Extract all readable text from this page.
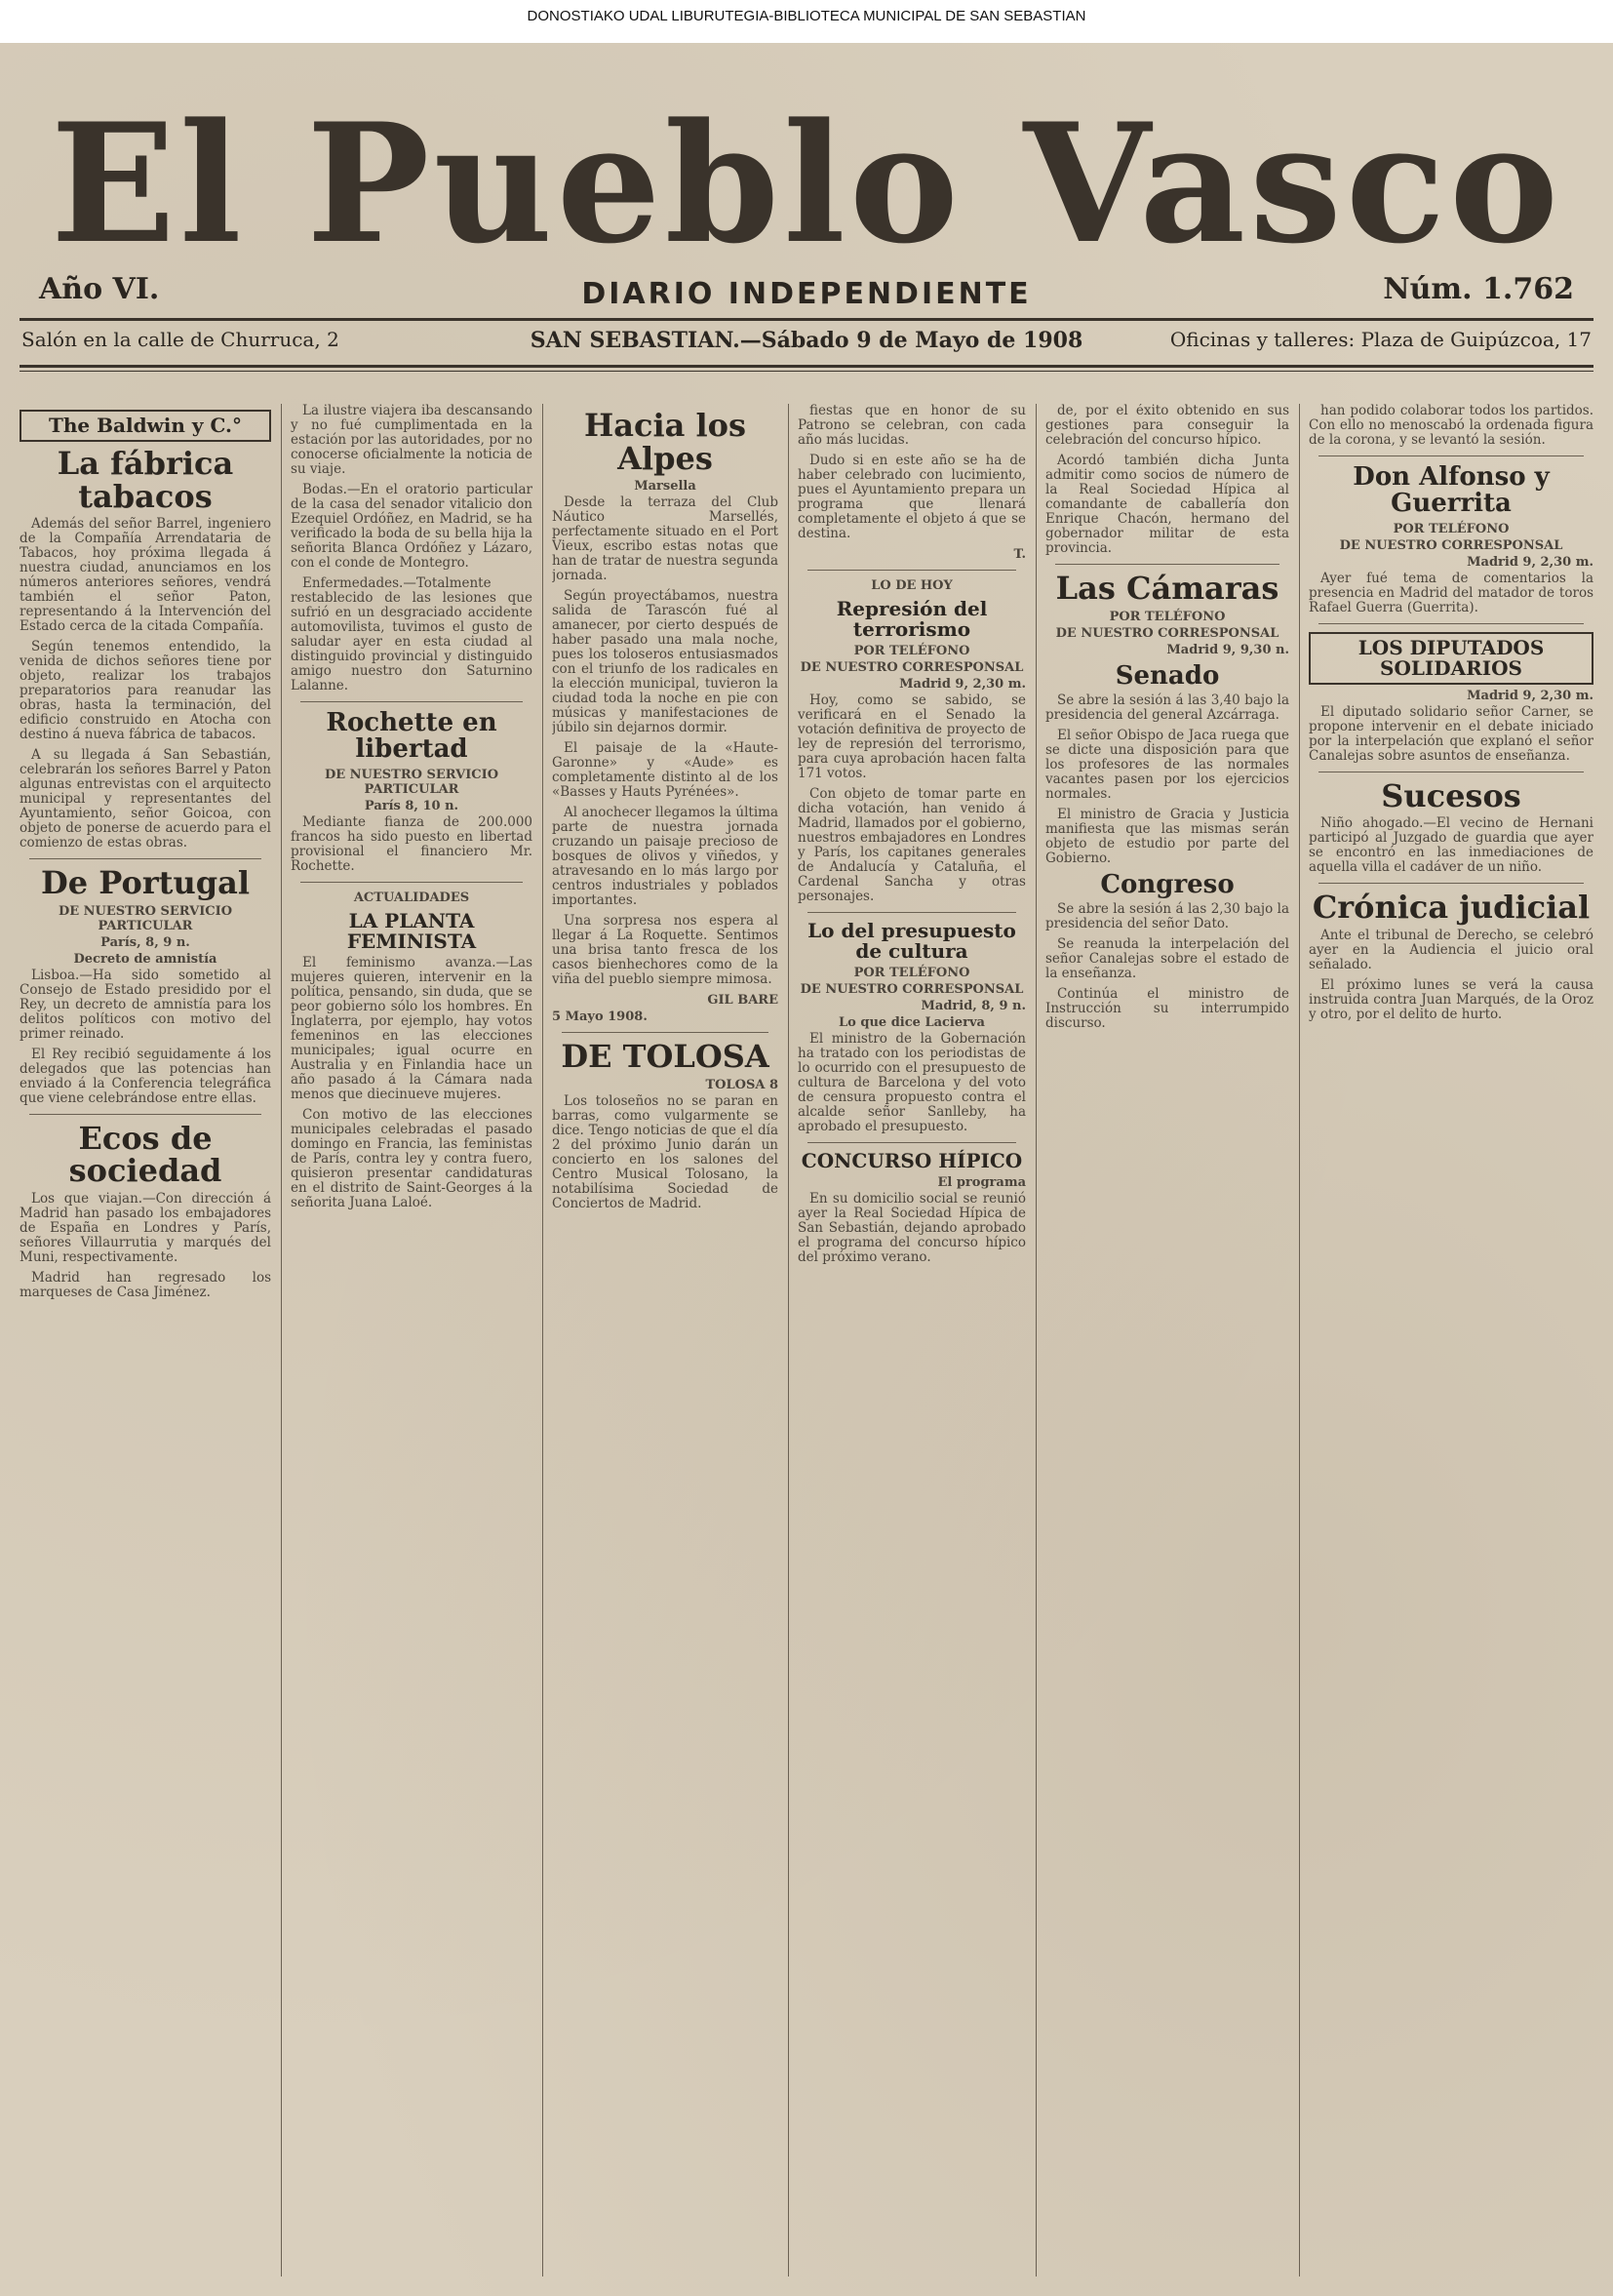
DONOSTIAKO UDAL LIBURUTEGIA-BIBLIOTECA MUNICIPAL DE SAN SEBASTIAN
El Pueblo Vasco
Año VI.	DIARIO INDEPENDIENTE	Núm. 1.762
Salón en la calle de Churruca, 2	SAN SEBASTIAN.—Sábado 9 de Mayo de 1908	Oficinas y talleres: Plaza de Guipúzcoa, 17
The Baldwin y C.°
La fábrica tabacos

Además del señor Barrel, ingeniero de la Compañía Arrendataria de Tabacos, hoy próxima llegada á nuestra ciudad, anunciamos en los números anteriores señores, vendrá también el señor Paton, representando á la Intervención del Estado cerca de la citada Compañía.

Según tenemos entendido, la venida de dichos señores tiene por objeto, realizar los trabajos preparatorios para reanudar las obras, hasta la terminación, del edificio construido en Atocha con destino á nueva fábrica de tabacos.

A su llegada á San Sebastián, celebrarán los señores Barrel y Paton algunas entrevistas con el arquitecto municipal y representantes del Ayuntamiento, señor Goicoa, con objeto de ponerse de acuerdo para el comienzo de estas obras.

De Portugal
DE NUESTRO SERVICIO PARTICULAR
París, 8, 9 n.
Decreto de amnistía

Lisboa.—Ha sido sometido al Consejo de Estado presidido por el Rey, un decreto de amnistía para los delitos políticos con motivo del primer reinado.

El Rey recibió seguidamente á los delegados que las potencias han enviado á la Conferencia telegráfica que viene celebrándose entre ellas.

Ecos de sociedad

Los que viajan.—Con dirección á Madrid han pasado los embajadores de España en Londres y París, señores Villaurrutia y marqués del Muni, respectivamente.

Madrid han regresado los marqueses de Casa Jiménez.

La ilustre viajera iba descansando y no fué cumplimentada en la estación por las autoridades, por no conocerse oficialmente la noticia de su viaje.

Bodas.—En el oratorio particular de la casa del senador vitalicio don Ezequiel Ordóñez, en Madrid, se ha verificado la boda de su bella hija la señorita Blanca Ordóñez y Lázaro, con el conde de Montegro.

Enfermedades.—Totalmente restablecido de las lesiones que sufrió en un desgraciado accidente automovilista, tuvimos el gusto de saludar ayer en esta ciudad al distinguido provincial y distinguido amigo nuestro don Saturnino Lalanne.

Rochette en libertad
DE NUESTRO SERVICIO PARTICULAR
París 8, 10 n.

Mediante fianza de 200.000 francos ha sido puesto en libertad provisional el financiero Mr. Rochette.

ACTUALIDADES
LA PLANTA FEMINISTA

El feminismo avanza.—Las mujeres quieren, intervenir en la política, pensando, sin duda, que se peor gobierno sólo los hombres. En Inglaterra, por ejemplo, hay votos femeninos en las elecciones municipales; igual ocurre en Australia y en Finlandia hace un año pasado á la Cámara nada menos que diecinueve mujeres.

Con motivo de las elecciones municipales celebradas el pasado domingo en Francia, las feministas de París, contra ley y contra fuero, quisieron presentar candidaturas en el distrito de Saint-Georges á la señorita Juana Laloé.

Hacia los Alpes
Marsella

Desde la terraza del Club Náutico Marsellés, perfectamente situado en el Port Vieux, escribo estas notas que han de tratar de nuestra segunda jornada.

Según proyectábamos, nuestra salida de Tarascón fué al amanecer, por cierto después de haber pasado una mala noche, pues los toloseros entusiasmados con el triunfo de los radicales en la elección municipal, tuvieron la ciudad toda la noche en pie con músicas y manifestaciones de júbilo sin dejarnos dormir.

El paisaje de la «Haute-Garonne» y «Aude» es completamente distinto al de los «Basses y Hauts Pyrénées».

Al anochecer llegamos la última parte de nuestra jornada cruzando un paisaje precioso de bosques de olivos y viñedos, y atravesando en lo más largo por centros industriales y poblados importantes.

Una sorpresa nos espera al llegar á La Roquette. Sentimos una brisa tanto fresca de los casos bienhechores como de la viña del pueblo siempre mimosa.

GIL BARE
5 Mayo 1908.
DE TOLOSA
TOLOSA 8

Los toloseños no se paran en barras, como vulgarmente se dice. Tengo noticias de que el día 2 del próximo Junio darán un concierto en los salones del Centro Musical Tolosano, la notabilísima Sociedad de Conciertos de Madrid.

fiestas que en honor de su Patrono se celebran, con cada año más lucidas.

Dudo si en este año se ha de haber celebrado con lucimiento, pues el Ayuntamiento prepara un programa que llenará completamente el objeto á que se destina.

T.
LO DE HOY
Represión del terrorismo
POR TELÉFONO
DE NUESTRO CORRESPONSAL
Madrid 9, 2,30 m.

Hoy, como se sabido, se verificará en el Senado la votación definitiva de proyecto de ley de represión del terrorismo, para cuya aprobación hacen falta 171 votos.

Con objeto de tomar parte en dicha votación, han venido á Madrid, llamados por el gobierno, nuestros embajadores en Londres y París, los capitanes generales de Andalucía y Cataluña, el Cardenal Sancha y otras personajes.

Lo del presupuesto de cultura
POR TELÉFONO
DE NUESTRO CORRESPONSAL
Madrid, 8, 9 n.
Lo que dice Lacierva

El ministro de la Gobernación ha tratado con los periodistas de lo ocurrido con el presupuesto de cultura de Barcelona y del voto de censura propuesto contra el alcalde señor Sanlleby, ha aprobado el presupuesto.

CONCURSO HÍPICO
El programa

En su domicilio social se reunió ayer la Real Sociedad Hípica de San Sebastián, dejando aprobado el programa del concurso hípico del próximo verano.

de, por el éxito obtenido en sus gestiones para conseguir la celebración del concurso hípico.

Acordó también dicha Junta admitir como socios de número de la Real Sociedad Hípica al comandante de caballería don Enrique Chacón, hermano del gobernador militar de esta provincia.

Las Cámaras
POR TELÉFONO
DE NUESTRO CORRESPONSAL
Madrid 9, 9,30 n.
Senado

Se abre la sesión á las 3,40 bajo la presidencia del general Azcárraga.

El señor Obispo de Jaca ruega que se dicte una disposición para que los profesores de las normales vacantes pasen por los ejercicios normales.

El ministro de Gracia y Justicia manifiesta que las mismas serán objeto de estudio por parte del Gobierno.

Congreso

Se abre la sesión á las 2,30 bajo la presidencia del señor Dato.

Se reanuda la interpelación del señor Canalejas sobre el estado de la enseñanza.

Continúa el ministro de Instrucción su interrumpido discurso.

han podido colaborar todos los partidos. Con ello no menoscabó la ordenada figura de la corona, y se levantó la sesión.

Don Alfonso y Guerrita
POR TELÉFONO
DE NUESTRO CORRESPONSAL
Madrid 9, 2,30 m.

Ayer fué tema de comentarios la presencia en Madrid del matador de toros Rafael Guerra (Guerrita).

LOS DIPUTADOS SOLIDARIOS
Madrid 9, 2,30 m.

El diputado solidario señor Carner, se propone intervenir en el debate iniciado por la interpelación que explanó el señor Canalejas sobre asuntos de enseñanza.

Sucesos

Niño ahogado.—El vecino de Hernani participó al Juzgado de guardia que ayer se encontró en las inmediaciones de aquella villa el cadáver de un niño.

Crónica judicial

Ante el tribunal de Derecho, se celebró ayer en la Audiencia el juicio oral señalado.

El próximo lunes se verá la causa instruida contra Juan Marqués, de la Oroz y otro, por el delito de hurto.
